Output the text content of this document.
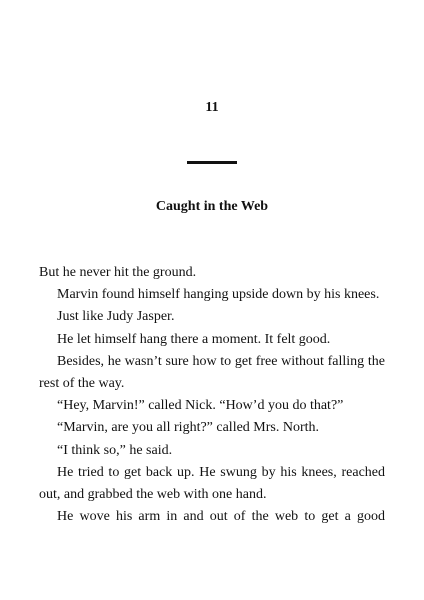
11
Caught in the Web

But he never hit the ground.

Marvin found himself hanging upside down by his knees.

Just like Judy Jasper.

He let himself hang there a moment. It felt good.

Besides, he wasn’t sure how to get free without falling the rest of the way.

“Hey, Marvin!” called Nick. “How’d you do that?”

“Marvin, are you all right?” called Mrs. North.

“I think so,” he said.

He tried to get back up. He swung by his knees, reached out, and grabbed the web with one hand.

He wove his arm in and out of the web to get a good
